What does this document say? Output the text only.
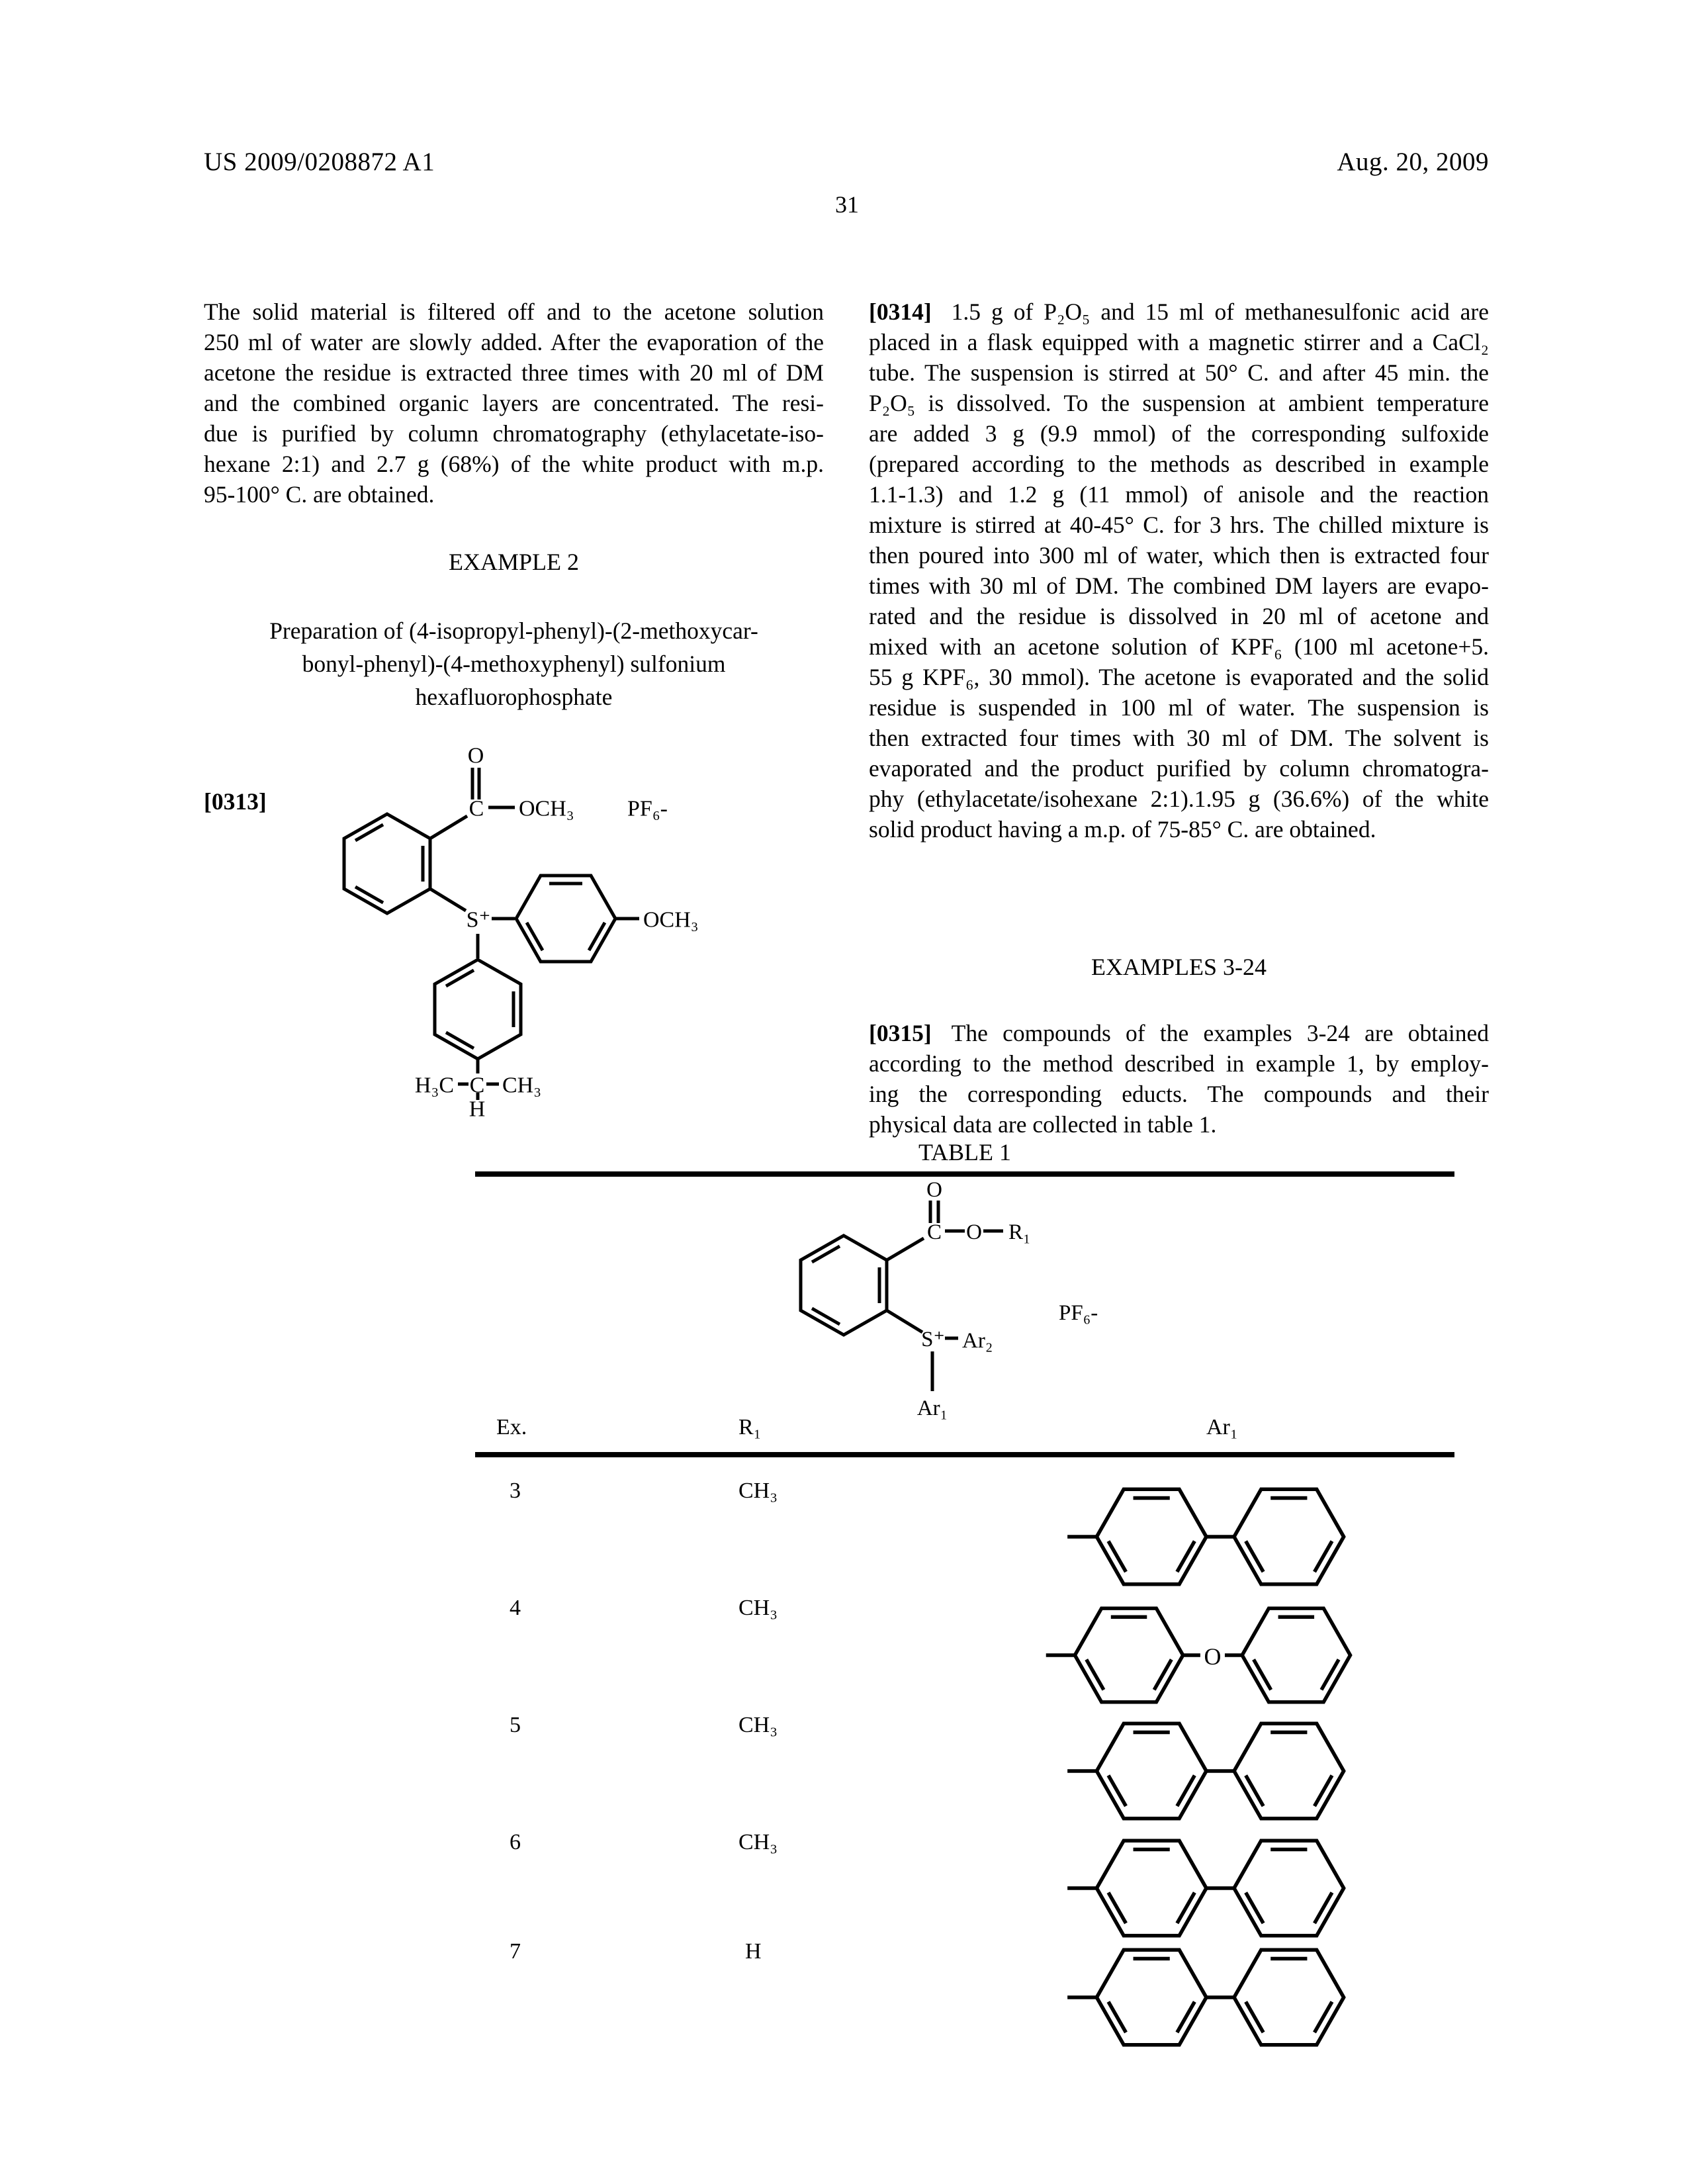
US 2009/0208872 A1	Aug. 20, 2009
31
The solid material is filtered off and to the acetone solution
250 ml of water are slowly added. After the evaporation of the
acetone the residue is extracted three times with 20 ml of DM
and the combined organic layers are concentrated. The resi-
due is purified by column chromatography (ethylacetate-iso-
hexane 2:1) and 2.7 g (68%) of the white product with m.p.
95-100° C. are obtained.
EXAMPLE 2
Preparation of (4-isopropyl-phenyl)-(2-methoxycar-
bonyl-phenyl)-(4-methoxyphenyl) sulfonium
hexafluorophosphate
[0313]
O
C OCH₃ PF₆-
S⁺	OCH₃
H₃C C CH₃
H
[0314] 1.5 g of P₂O₅ and 15 ml of methanesulfonic acid are
placed in a flask equipped with a magnetic stirrer and a CaCl₂
tube. The suspension is stirred at 50° C. and after 45 min. the
P₂O₅ is dissolved. To the suspension at ambient temperature
are added 3 g (9.9 mmol) of the corresponding sulfoxide
(prepared according to the methods as described in example
1.1-1.3) and 1.2 g (11 mmol) of anisole and the reaction
mixture is stirred at 40-45° C. for 3 hrs. The chilled mixture is
then poured into 300 ml of water, which then is extracted four
times with 30 ml of DM. The combined DM layers are evapo-
rated and the residue is dissolved in 20 ml of acetone and
mixed with an acetone solution of KPF₆ (100 ml acetone+5.
55 g KPF₆, 30 mmol). The acetone is evaporated and the solid
residue is suspended in 100 ml of water. The suspension is
then extracted four times with 30 ml of DM. The solvent is
evaporated and the product purified by column chromatogra-
phy (ethylacetate/isohexane 2:1).1.95 g (36.6%) of the white
solid product having a m.p. of 75-85° C. are obtained.
EXAMPLES 3-24
[0315] The compounds of the examples 3-24 are obtained
according to the method described in example 1, by employ-
ing the corresponding educts. The compounds and their
physical data are collected in table 1.
TABLE 1
O
C O R₁
PF₆-
S⁺ Ar₂
Ar₁
Ex.	R₁	Ar₁
3	CH₃
4	CH₃
O
5	CH₃
6	CH₃
7	H
